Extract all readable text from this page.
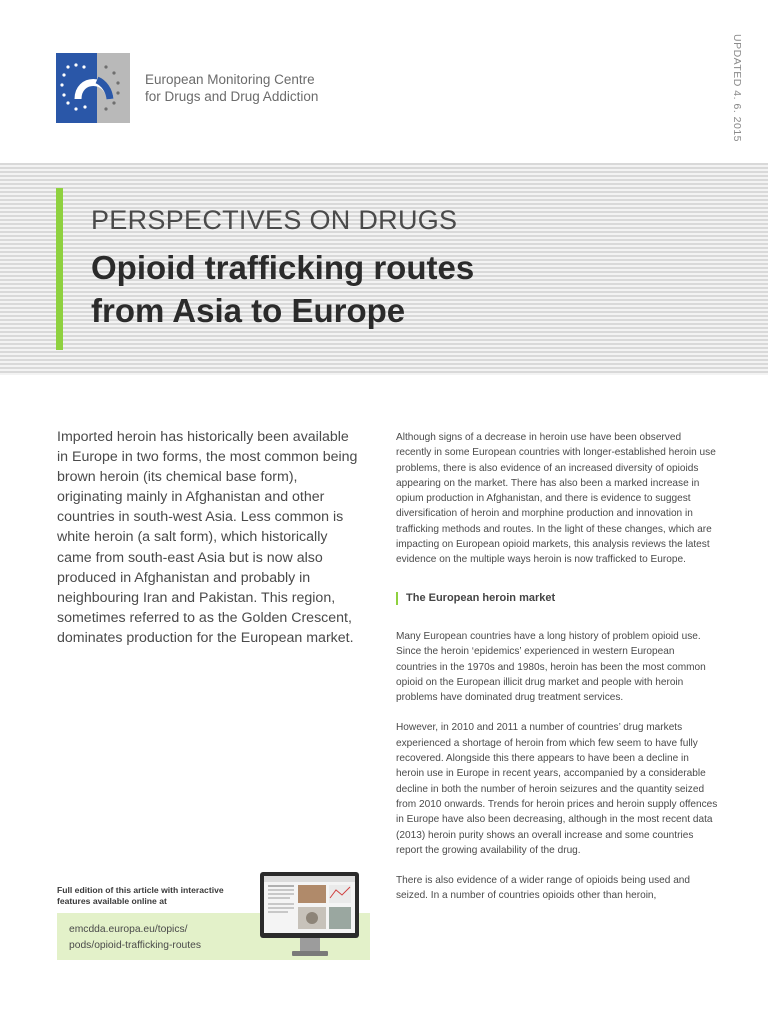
European Monitoring Centre
for Drugs and Drug Addiction	UPDATED 4. 6. 2015
PERSPECTIVES ON DRUGS
Opioid trafficking routes
from Asia to Europe
Imported heroin has historically been available in Europe in two forms, the most common being brown heroin (its chemical base form), originating mainly in Afghanistan and other countries in south-west Asia. Less common is white heroin (a salt form), which historically came from south-east Asia but is now also produced in Afghanistan and probably in neighbouring Iran and Pakistan. This region, sometimes referred to as the Golden Crescent, dominates production for the European market.

Although signs of a decrease in heroin use have been observed recently in some European countries with longer-established heroin use problems, there is also evidence of an increased diversity of opioids appearing on the market. There has also been a marked increase in opium production in Afghanistan, and there is evidence to suggest diversification of heroin and morphine production and innovation in trafficking methods and routes. In the light of these changes, which are impacting on European opioid markets, this analysis reviews the latest evidence on the multiple ways heroin is now trafficked to Europe.

The European heroin market

Many European countries have a long history of problem opioid use. Since the heroin ‘epidemics’ experienced in western European countries in the 1970s and 1980s, heroin has been the most common opioid on the European illicit drug market and people with heroin problems have dominated drug treatment services.

However, in 2010 and 2011 a number of countries’ drug markets experienced a shortage of heroin from which few seem to have fully recovered. Alongside this there appears to have been a decline in heroin use in Europe in recent years, accompanied by a considerable decline in both the number of heroin seizures and the quantity seized from 2010 onwards. Trends for heroin prices and heroin supply offences in Europe have also been decreasing, although in the most recent data (2013) heroin purity shows an overall increase and some countries report the growing availability of the drug.

There is also evidence of a wider range of opioids being used and seized. In a number of countries opioids other than heroin,

Full edition of this article with interactive features available online at
emcdda.europa.eu/topics/
pods/opioid-trafficking-routes
